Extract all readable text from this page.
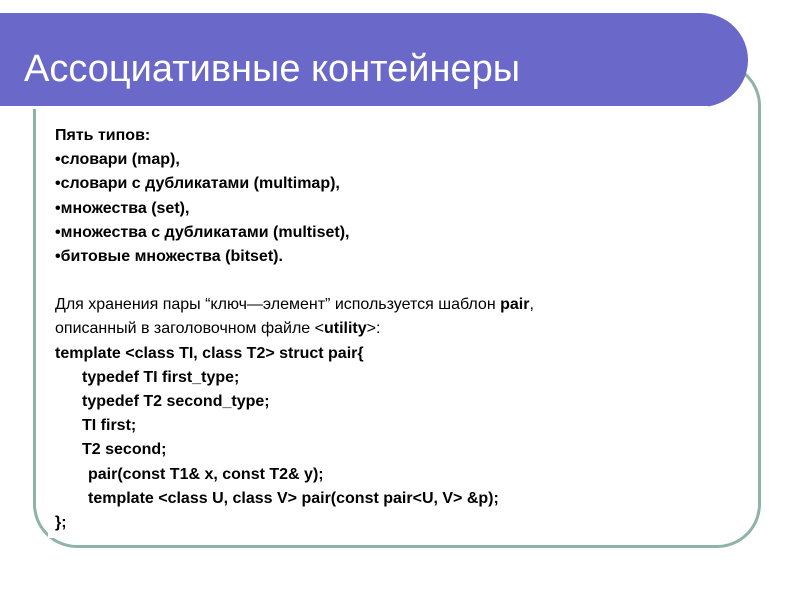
Ассоциативные контейнеры
Пять типов:
•словари (map),
•словари с дубликатами (multimap),
•множества (set),
•множества с дубликатами (multiset),
•битовые множества (bitset).
Для хранения пары “ключ—элемент” используется шаблон pair,
описанный в заголовочном файле <utility>:
template <class TI, class T2> struct pair{
typedef TI first_type;
typedef T2 second_type;
TI first;
T2 second;
pair(const T1& x, const T2& y);
template <class U, class V> pair(const pair<U, V> &p);
};
